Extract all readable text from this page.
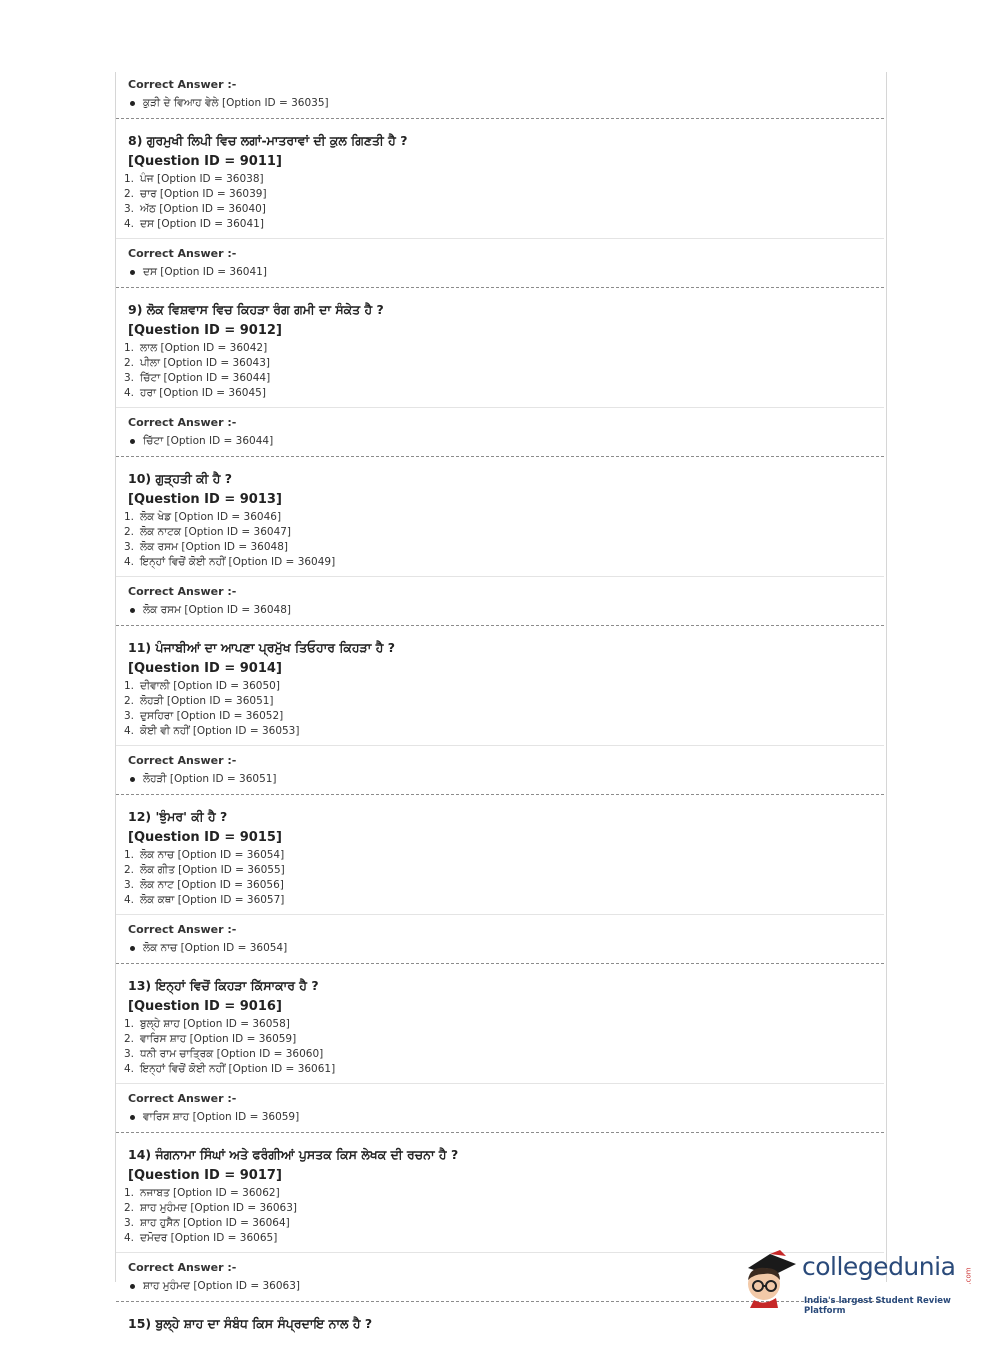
Correct Answer :-
ਕੁੜੀ ਦੇ ਵਿਆਹ ਵੇਲੇ [Option ID = 36035]
8) ਗੁਰਮੁਖੀ ਲਿਪੀ ਵਿਚ ਲਗਾਂ-ਮਾਤਰਾਵਾਂ ਦੀ ਕੁਲ ਗਿਣਤੀ ਹੈ ?
[Question ID = 9011]
1. ਪੰਜ [Option ID = 36038]
2. ਚਾਰ [Option ID = 36039]
3. ਅੱਠ [Option ID = 36040]
4. ਦਸ [Option ID = 36041]
Correct Answer :-
ਦਸ [Option ID = 36041]
9) ਲੋਕ ਵਿਸ਼ਵਾਸ ਵਿਚ ਕਿਹੜਾ ਰੰਗ ਗਮੀ ਦਾ ਸੰਕੇਤ ਹੈ ?
[Question ID = 9012]
1. ਲਾਲ [Option ID = 36042]
2. ਪੀਲਾ [Option ID = 36043]
3. ਚਿੱਟਾ [Option ID = 36044]
4. ਹਰਾ [Option ID = 36045]
Correct Answer :-
ਚਿੱਟਾ [Option ID = 36044]
10) ਗੁੜ੍ਹਤੀ ਕੀ ਹੈ ?
[Question ID = 9013]
1. ਲੋਕ ਖੇਡ [Option ID = 36046]
2. ਲੋਕ ਨਾਟਕ [Option ID = 36047]
3. ਲੋਕ ਰਸਮ [Option ID = 36048]
4. ਇਨ੍ਹਾਂ ਵਿਚੋਂ ਕੋਈ ਨਹੀਂ [Option ID = 36049]
Correct Answer :-
ਲੋਕ ਰਸਮ [Option ID = 36048]
11) ਪੰਜਾਬੀਆਂ ਦਾ ਆਪਣਾ ਪ੍ਰਮੁੱਖ ਤਿਓਹਾਰ ਕਿਹੜਾ ਹੈ ?
[Question ID = 9014]
1. ਦੀਵਾਲੀ [Option ID = 36050]
2. ਲੋਹੜੀ [Option ID = 36051]
3. ਦੁਸਹਿਰਾ [Option ID = 36052]
4. ਕੋਈ ਵੀ ਨਹੀਂ [Option ID = 36053]
Correct Answer :-
ਲੋਹੜੀ [Option ID = 36051]
12) 'ਝੁੰਮਰ' ਕੀ ਹੈ ?
[Question ID = 9015]
1. ਲੋਕ ਨਾਚ [Option ID = 36054]
2. ਲੋਕ ਗੀਤ [Option ID = 36055]
3. ਲੋਕ ਨਾਟ [Option ID = 36056]
4. ਲੋਕ ਕਥਾ [Option ID = 36057]
Correct Answer :-
ਲੋਕ ਨਾਚ [Option ID = 36054]
13) ਇਨ੍ਹਾਂ ਵਿਚੋਂ ਕਿਹੜਾ ਕਿੱਸਾਕਾਰ ਹੈ ?
[Question ID = 9016]
1. ਬੁਲ੍ਹੇ ਸ਼ਾਹ [Option ID = 36058]
2. ਵਾਰਿਸ ਸ਼ਾਹ [Option ID = 36059]
3. ਧਨੀ ਰਾਮ ਚਾਤ੍ਰਿਕ [Option ID = 36060]
4. ਇਨ੍ਹਾਂ ਵਿਚੋਂ ਕੋਈ ਨਹੀਂ [Option ID = 36061]
Correct Answer :-
ਵਾਰਿਸ ਸ਼ਾਹ [Option ID = 36059]
14) ਜੰਗਨਾਮਾ ਸਿੰਘਾਂ ਅਤੇ ਫਰੰਗੀਆਂ ਪੁਸਤਕ ਕਿਸ ਲੇਖਕ ਦੀ ਰਚਨਾ ਹੈ ?
[Question ID = 9017]
1. ਨਜਾਬਤ [Option ID = 36062]
2. ਸ਼ਾਹ ਮੁਹੰਮਦ [Option ID = 36063]
3. ਸ਼ਾਹ ਹੁਸੈਨ [Option ID = 36064]
4. ਦਮੋਦਰ [Option ID = 36065]
Correct Answer :-
ਸ਼ਾਹ ਮੁਹੰਮਦ [Option ID = 36063]
15) ਬੁਲ੍ਹੇ ਸ਼ਾਹ ਦਾ ਸੰਬੰਧ ਕਿਸ ਸੰਪ੍ਰਦਾਇ ਨਾਲ ਹੈ ?
collegedunia .com
India's largest Student Review Platform
